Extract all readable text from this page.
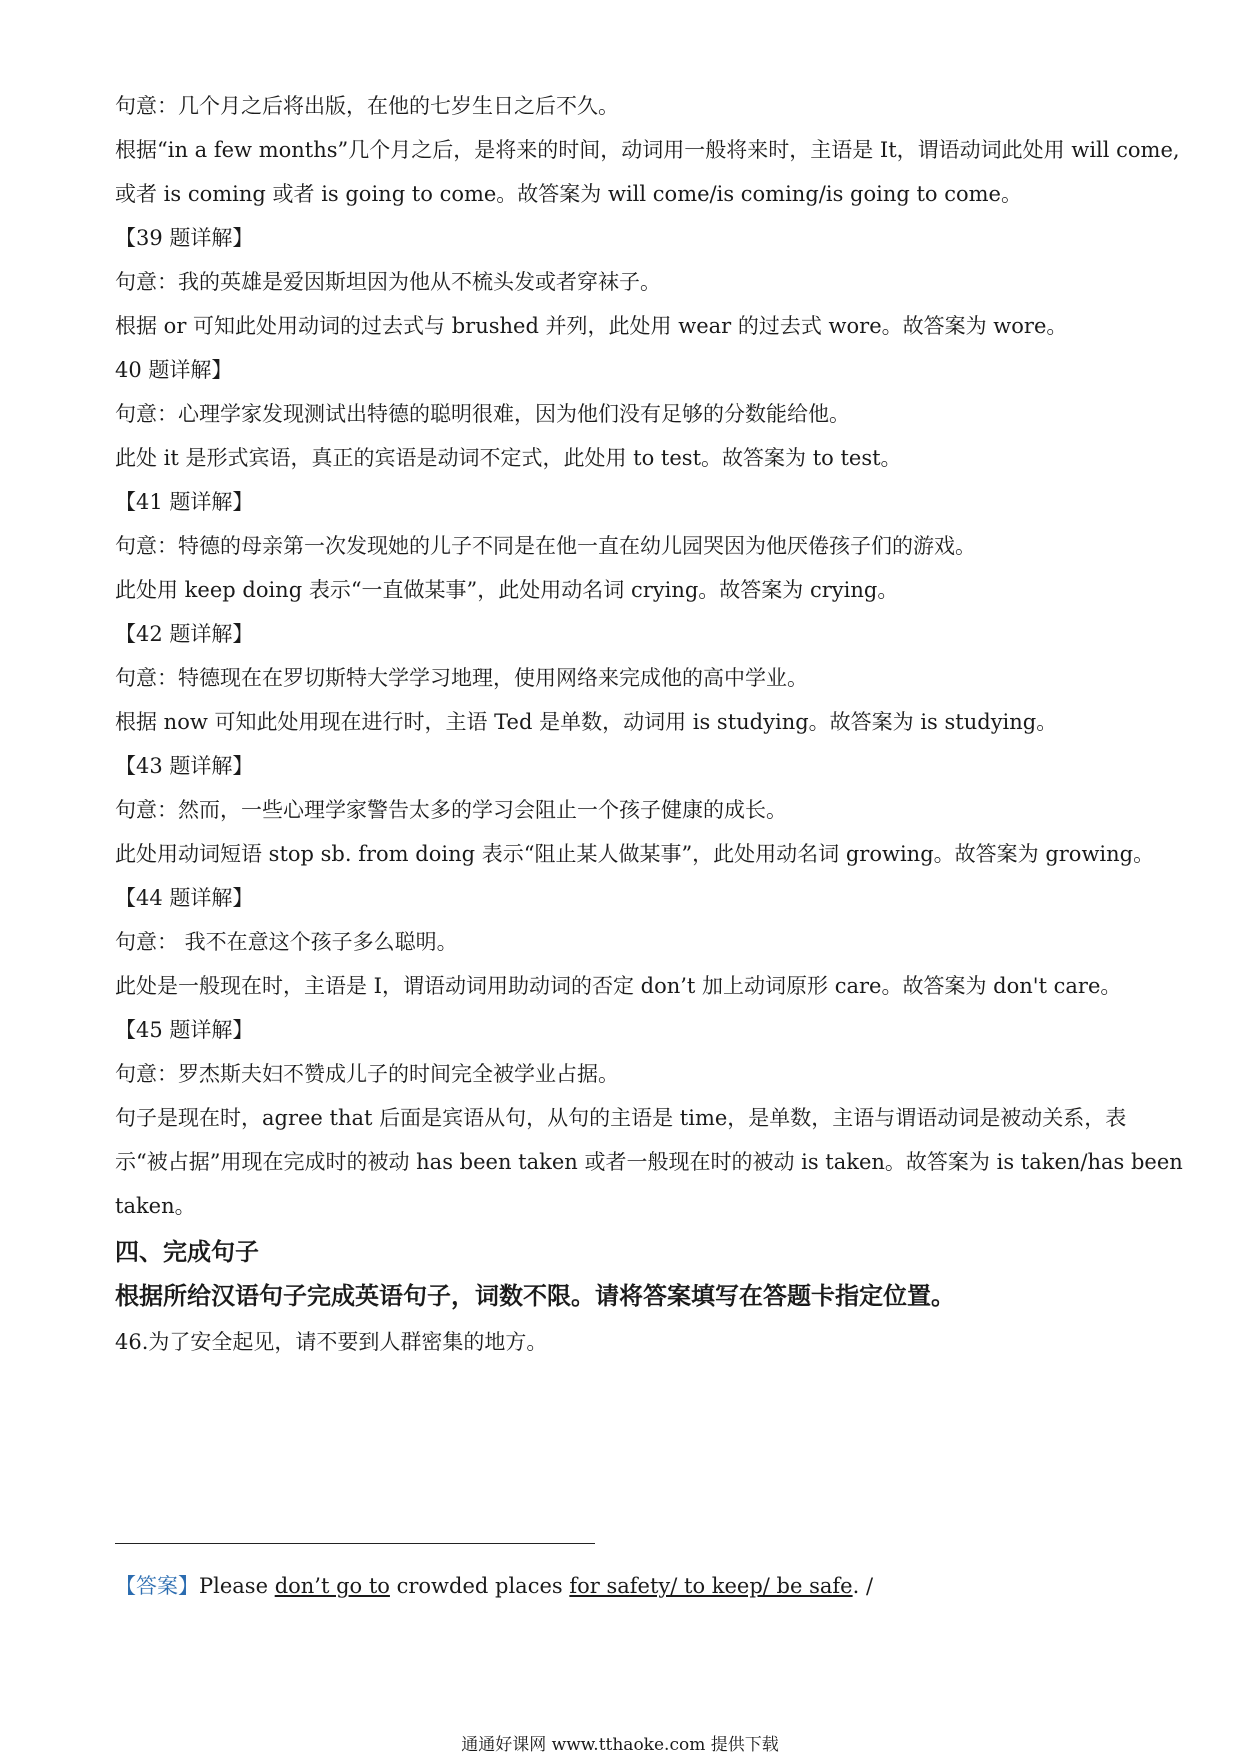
句意：几个月之后将出版，在他的七岁生日之后不久。
根据“in a few months”几个月之后，是将来的时间，动词用一般将来时，主语是 It，谓语动词此处用 will come,
或者 is coming 或者 is going to come。故答案为 will come/is coming/is going to come。
【39 题详解】
句意：我的英雄是爱因斯坦因为他从不梳头发或者穿袜子。
根据 or 可知此处用动词的过去式与 brushed 并列，此处用 wear 的过去式 wore。故答案为 wore。
40 题详解】
句意：心理学家发现测试出特德的聪明很难，因为他们没有足够的分数能给他。
此处 it 是形式宾语，真正的宾语是动词不定式，此处用 to test。故答案为 to test。
【41 题详解】
句意：特德的母亲第一次发现她的儿子不同是在他一直在幼儿园哭因为他厌倦孩子们的游戏。
此处用 keep doing 表示“一直做某事”，此处用动名词 crying。故答案为 crying。
【42 题详解】
句意：特德现在在罗切斯特大学学习地理，使用网络来完成他的高中学业。
根据 now 可知此处用现在进行时，主语 Ted 是单数，动词用 is studying。故答案为 is studying。
【43 题详解】
句意：然而，一些心理学家警告太多的学习会阻止一个孩子健康的成长。
此处用动词短语 stop sb. from doing 表示“阻止某人做某事”，此处用动名词 growing。故答案为 growing。
【44 题详解】
句意： 我不在意这个孩子多么聪明。
此处是一般现在时，主语是 I，谓语动词用助动词的否定 don’t 加上动词原形 care。故答案为 don't care。
【45 题详解】
句意：罗杰斯夫妇不赞成儿子的时间完全被学业占据。
句子是现在时，agree that 后面是宾语从句，从句的主语是 time，是单数，主语与谓语动词是被动关系，表
示“被占据”用现在完成时的被动 has been taken 或者一般现在时的被动 is taken。故答案为 is taken/has been
taken。
四、完成句子
根据所给汉语句子完成英语句子，词数不限。请将答案填写在答题卡指定位置。
46.为了安全起见，请不要到人群密集的地方。
【答案】Please don’t go to crowded places for safety/ to keep/ be safe. /
通通好课网 www.tthaoke.com 提供下载
